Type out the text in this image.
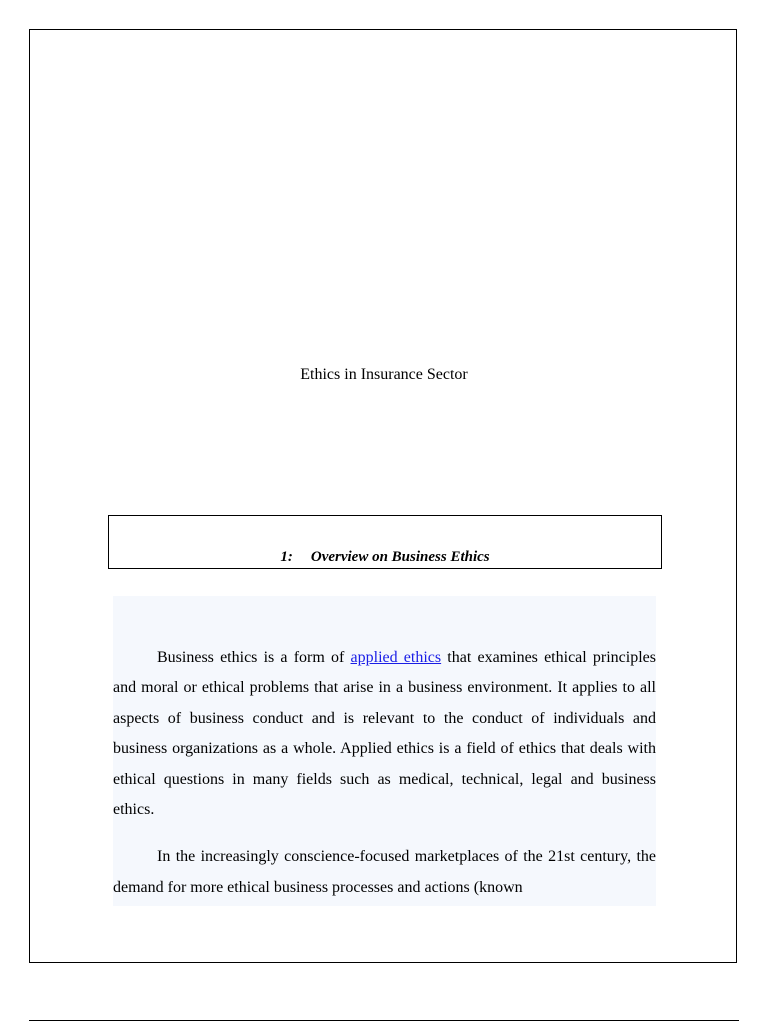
Ethics in Insurance Sector
1: Overview on Business Ethics

Business ethics is a form of applied ethics that examines ethical principles and moral or ethical problems that arise in a business environment. It applies to all aspects of business conduct and is relevant to the conduct of individuals and business organizations as a whole. Applied ethics is a field of ethics that deals with ethical questions in many fields such as medical, technical, legal and business ethics.

In the increasingly conscience-focused marketplaces of the 21st century, the demand for more ethical business processes and actions (known
